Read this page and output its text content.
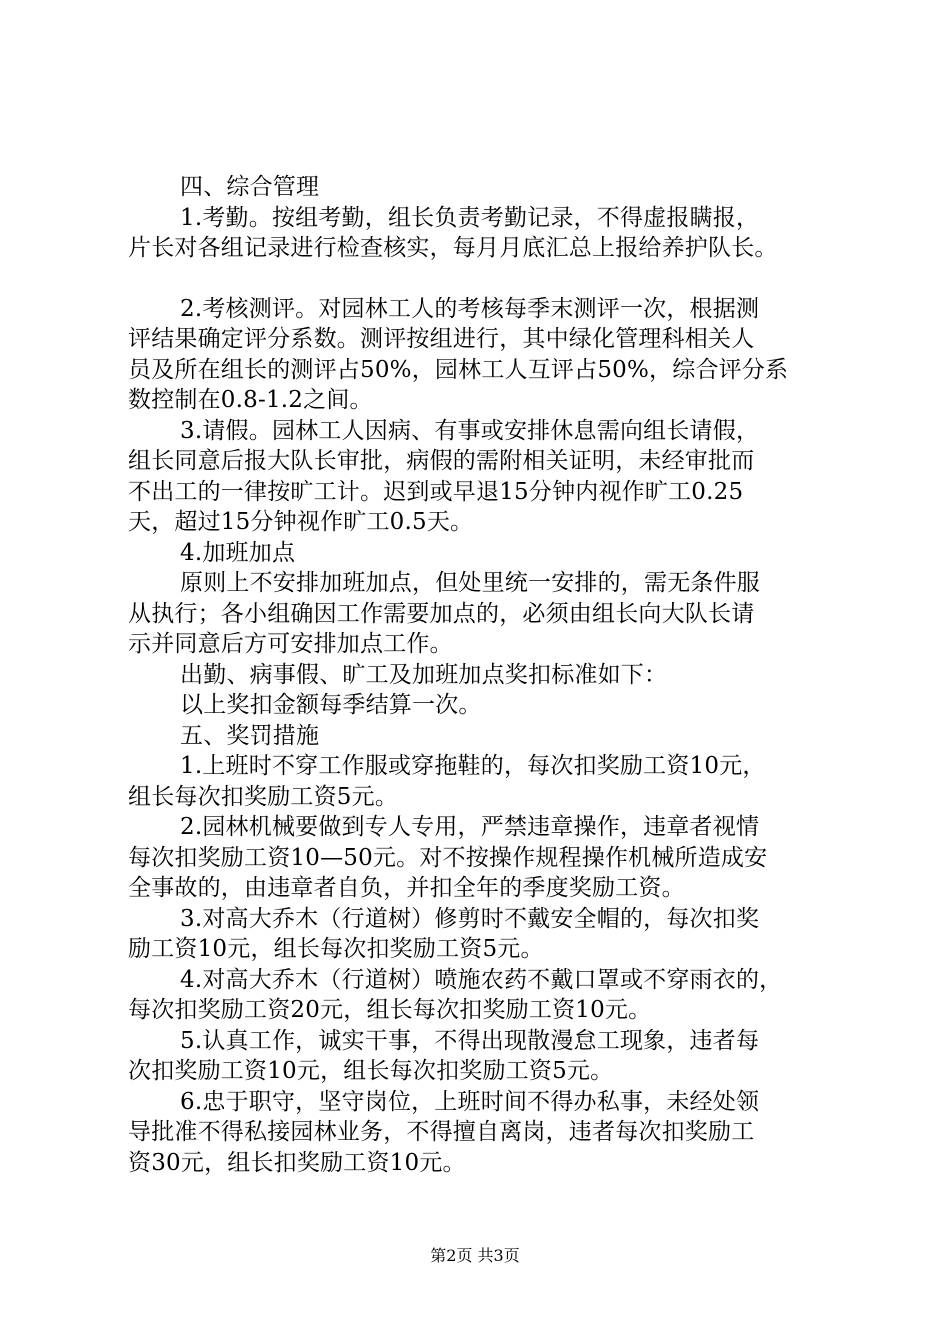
四、综合管理

1.考勤。按组考勤，组长负责考勤记录，不得虚报瞒报，
片长对各组记录进行检查核实，每月月底汇总上报给养护队长。

2.考核测评。对园林工人的考核每季末测评一次，根据测
评结果确定评分系数。测评按组进行，其中绿化管理科相关人
员及所在组长的测评占50%，园林工人互评占50%，综合评分系
数控制在0.8-1.2之间。

3.请假。园林工人因病、有事或安排休息需向组长请假，
组长同意后报大队长审批，病假的需附相关证明，未经审批而
不出工的一律按旷工计。迟到或早退15分钟内视作旷工0.25
天，超过15分钟视作旷工0.5天。

4.加班加点

原则上不安排加班加点，但处里统一安排的，需无条件服
从执行；各小组确因工作需要加点的，必须由组长向大队长请
示并同意后方可安排加点工作。

出勤、病事假、旷工及加班加点奖扣标准如下：

以上奖扣金额每季结算一次。

五、奖罚措施

1.上班时不穿工作服或穿拖鞋的，每次扣奖励工资10元，
组长每次扣奖励工资5元。

2.园林机械要做到专人专用，严禁违章操作，违章者视情
每次扣奖励工资10—50元。对不按操作规程操作机械所造成安
全事故的，由违章者自负，并扣全年的季度奖励工资。

3.对高大乔木（行道树）修剪时不戴安全帽的，每次扣奖
励工资10元，组长每次扣奖励工资5元。

4.对高大乔木（行道树）喷施农药不戴口罩或不穿雨衣的，
每次扣奖励工资20元，组长每次扣奖励工资10元。

5.认真工作，诚实干事，不得出现散漫怠工现象，违者每
次扣奖励工资10元，组长每次扣奖励工资5元。

6.忠于职守，坚守岗位，上班时间不得办私事，未经处领
导批准不得私接园林业务，不得擅自离岗，违者每次扣奖励工
资30元，组长扣奖励工资10元。

第2页 共3页
